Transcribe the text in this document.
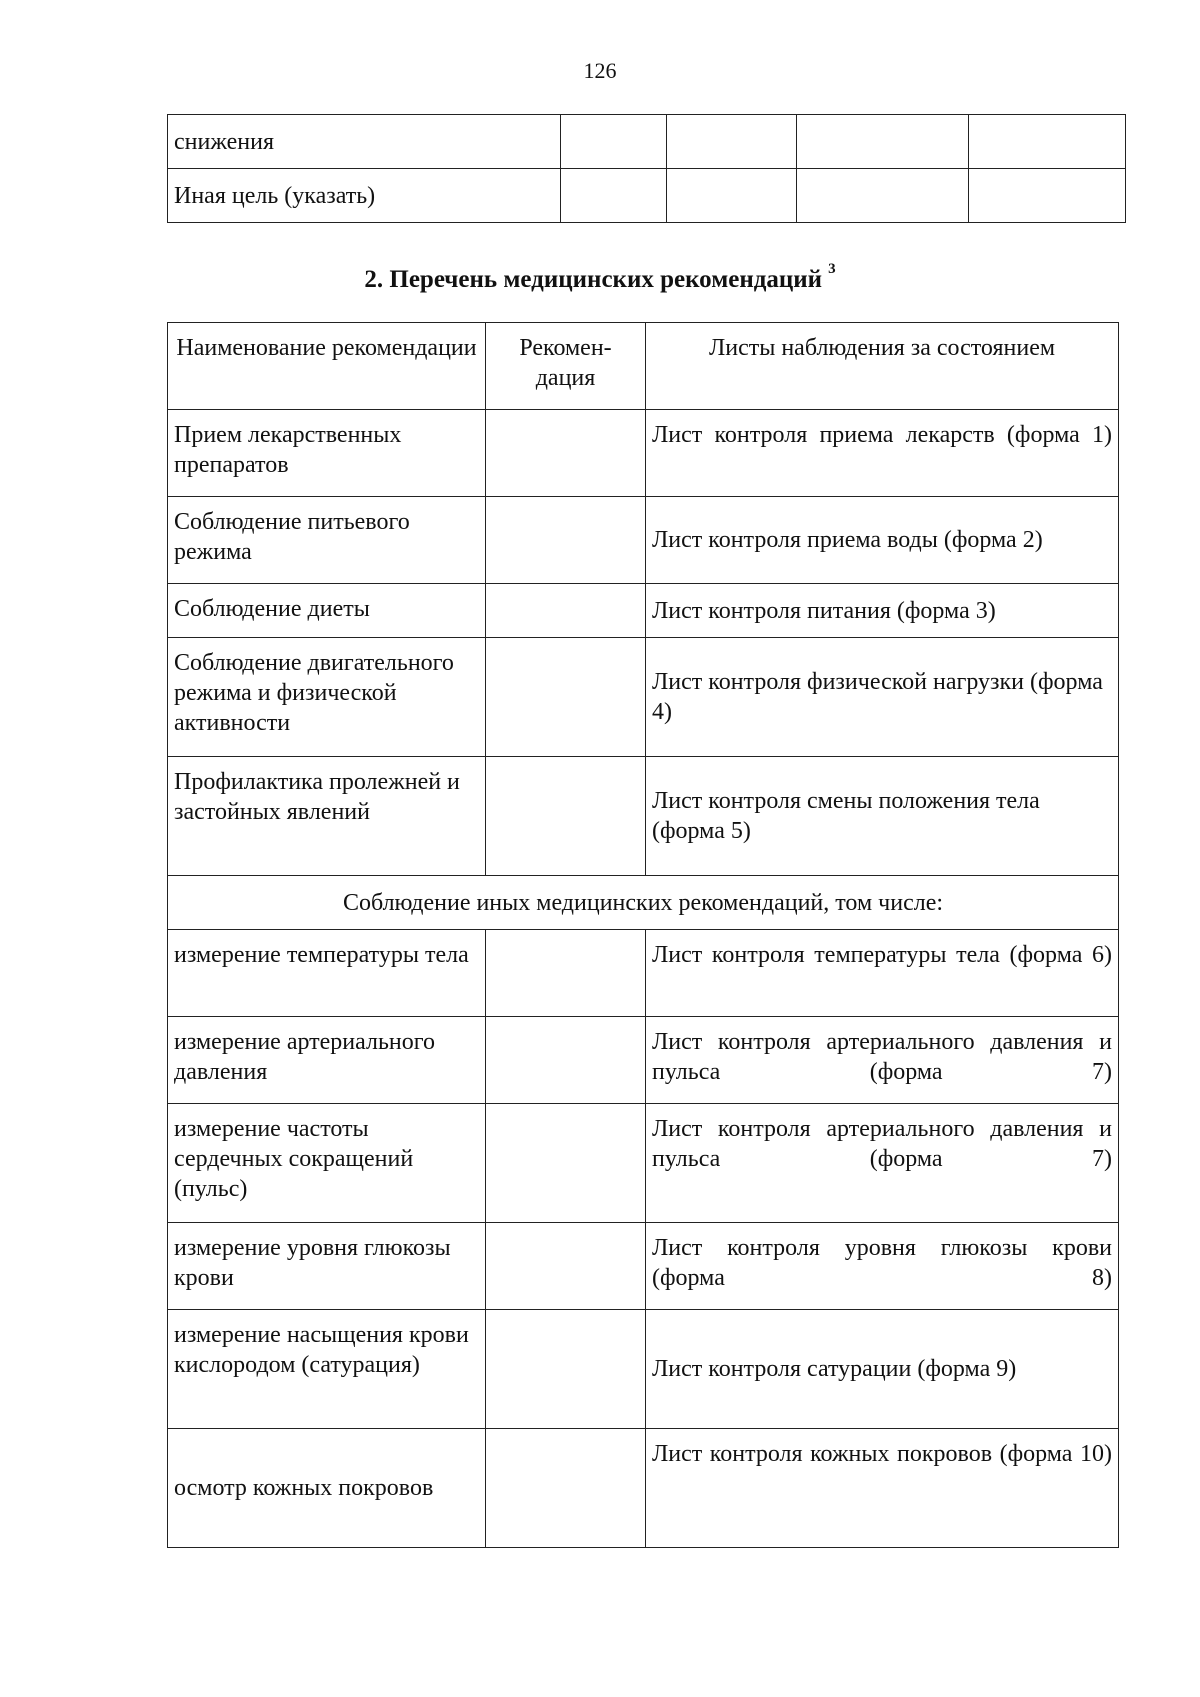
126
снижения				
Иная цель (указать)				
2. Перечень медицинских рекомендаций $^3$
Наименование рекомендации	Рекомен-дация	Листы наблюдения за состоянием
Прием лекарственных препаратов		Лист контроля приема лекарств (форма 1)
Соблюдение питьевого режима		Лист контроля приема воды (форма 2)
Соблюдение диеты		Лист контроля питания (форма 3)
Соблюдение двигательного режима и физической активности		Лист контроля физической нагрузки (форма 4)
Профилактика пролежней и застойных явлений		Лист контроля смены положения тела (форма 5)
Соблюдение иных медицинских рекомендаций, том числе:		
измерение температуры тела		Лист контроля температуры тела (форма 6)
измерение артериального давления		Лист контроля артериального давления и пульса (форма 7)
измерение частоты сердечных сокращений (пульс)		Лист контроля артериального давления и пульса (форма 7)
измерение уровня глюкозы крови		Лист контроля уровня глюкозы крови (форма 8)
измерение насыщения крови кислородом (сатурация)		Лист контроля сатурации (форма 9)
осмотр кожных покровов		Лист контроля кожных покровов (форма 10)
